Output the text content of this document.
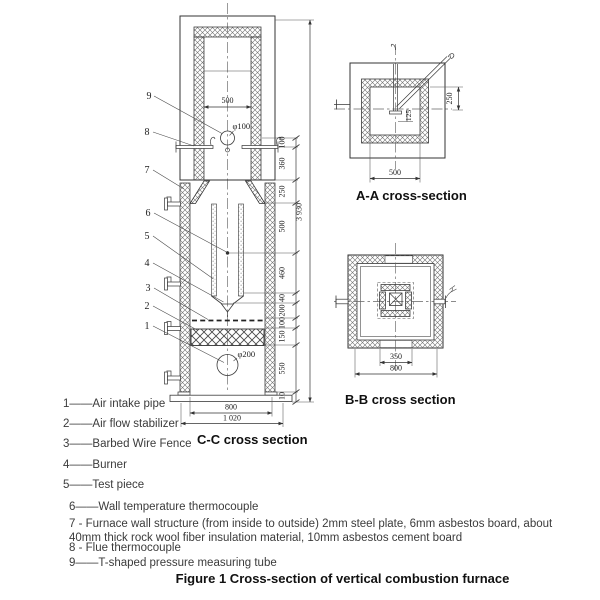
φ100
φ200
9
8
7
6
5
4
3
2
1
500
800
1 020
100
360
250
500
460
40
200
100
150
550
10
3 930
C-C cross section
250
125
500
A-A cross-section
350
800
B-B cross section
1——Air intake pipe
2——Air flow stabilizer
3——Barbed Wire Fence
4——Burner
5——Test piece
6——Wall temperature thermocouple
7 - Furnace wall structure (from inside to outside) 2mm steel plate, 6mm asbestos board, about 40mm thick rock wool fiber insulation material, 10mm asbestos cement board
8 - Flue thermocouple
9——T-shaped pressure measuring tube
Figure 1 Cross-section of vertical combustion furnace
